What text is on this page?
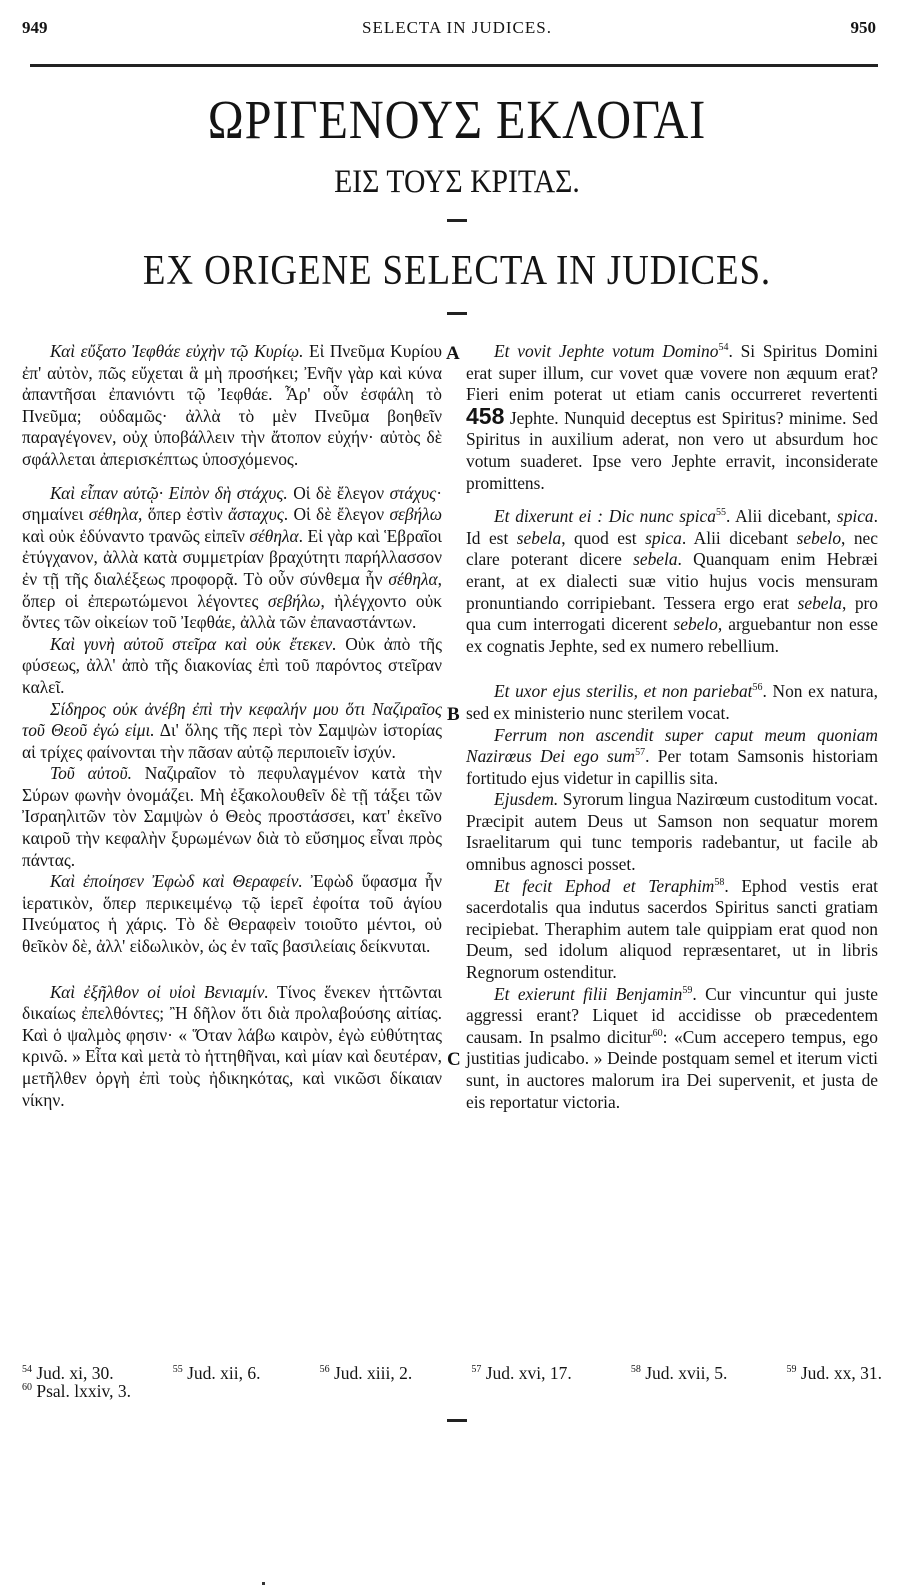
949	SELECTA IN JUDICES.	950
ΩΡΙΓΕΝΟΥΣ ΕΚΛΟΓΑΙ
ΕΙΣ ΤΟΥΣ ΚΡΙΤΑΣ.
EX ORIGENE SELECTA IN JUDICES.
A
B
C

Καὶ εὔξατο Ἰεφθάε εὐχὴν τῷ Κυρίῳ. Εἰ Πνεῦμα Κυρίου ἐπ' αὐτὸν, πῶς εὔχεται ἃ μὴ προσήκει; Ἐνῆν γὰρ καὶ κύνα ἀπαντῆσαι ἐπανιόντι τῷ Ἰεφθάε. Ἆρ' οὖν ἐσφάλη τὸ Πνεῦμα; οὐδαμῶς· ἀλλὰ τὸ μὲν Πνεῦμα βοηθεῖν παραγέγονεν, οὐχ ὑποβάλλειν τὴν ἄτοπον εὐχήν· αὐτὸς δὲ σφάλλεται ἀπερισκέπτως ὑποσχόμενος.

Καὶ εἶπαν αὐτῷ· Εἰπὸν δὴ στάχυς. Οἱ δὲ ἔλεγον στάχυς· σημαίνει σέθηλα, ὅπερ ἐστὶν ἄσταχυς. Οἱ δὲ ἔλεγον σεβήλω καὶ οὐκ ἐδύναντο τρανῶς εἰπεῖν σέθηλα. Εἰ γὰρ καὶ Ἑβραῖοι ἐτύγχανον, ἀλλὰ κατὰ συμμετρίαν βραχύτητι παρήλλασσον ἐν τῇ τῆς διαλέξεως προφορᾷ. Τὸ οὖν σύνθεμα ἦν σέθηλα, ὅπερ οἱ ἐπερωτώμενοι λέγοντες σεβήλω, ἠλέγχοντο οὐκ ὄντες τῶν οἰκείων τοῦ Ἰεφθάε, ἀλλὰ τῶν ἐπαναστάντων.

Καὶ γυνὴ αὐτοῦ στεῖρα καὶ οὐκ ἔτεκεν. Οὐκ ἀπὸ τῆς φύσεως, ἀλλ' ἀπὸ τῆς διακονίας ἐπὶ τοῦ παρόντος στεῖραν καλεῖ.

Σίδηρος οὐκ ἀνέβη ἐπὶ τὴν κεφαλήν μου ὅτι Ναζιραῖος τοῦ Θεοῦ ἐγώ εἰμι. Δι' ὅλης τῆς περὶ τὸν Σαμψὼν ἱστορίας αἱ τρίχες φαίνονται τὴν πᾶσαν αὐτῷ περιποιεῖν ἰσχύν.

Τοῦ αὐτοῦ. Ναζιραῖον τὸ πεφυλαγμένον κατὰ τὴν Σύρων φωνὴν ὀνομάζει. Μὴ ἐξακολουθεῖν δὲ τῇ τάξει τῶν Ἰσραηλιτῶν τὸν Σαμψὼν ὁ Θεὸς προστάσσει, κατ' ἐκεῖνο καιροῦ τὴν κεφαλὴν ξυρωμένων διὰ τὸ εὔσημος εἶναι πρὸς πάντας.

Καὶ ἐποίησεν Ἐφὼδ καὶ Θεραφείν. Ἐφὼδ ὕφασμα ἦν ἱερατικὸν, ὅπερ περικειμένῳ τῷ ἱερεῖ ἐφοίτα τοῦ ἁγίου Πνεύματος ἡ χάρις. Τὸ δὲ Θεραφεὶν τοιοῦτο μέντοι, οὐ θεῖκὸν δὲ, ἀλλ' εἰδωλικὸν, ὡς ἐν ταῖς βασιλείαις δείκνυται.

Καὶ ἐξῆλθον οἱ υἱοὶ Βενιαμίν. Τίνος ἕνεκεν ἡττῶνται δικαίως ἐπελθόντες; Ἢ δῆλον ὅτι διὰ προλαβούσης αἰτίας. Καὶ ὁ ψαλμὸς φησιν· « Ὅταν λάβω καιρὸν, ἐγὼ εὐθύτητας κρινῶ. » Εἶτα καὶ μετὰ τὸ ἡττηθῆναι, καὶ μίαν καὶ δευτέραν, μετῆλθεν ὀργὴ ἐπὶ τοὺς ἠδικηκότας, καὶ νικῶσι δίκαιαν νίκην.

Et vovit Jephte votum Domino$^{54}$. Si Spiritus Domini erat super illum, cur vovet quæ vovere non æquum erat? Fieri enim poterat ut etiam canis occurreret revertenti 458 Jephte. Nunquid deceptus est Spiritus? minime. Sed Spiritus in auxilium aderat, non vero ut absurdum hoc votum suaderet. Ipse vero Jephte erravit, inconsiderate promittens.

Et dixerunt ei : Dic nunc spica$^{55}$. Alii dicebant, spica. Id est sebela, quod est spica. Alii dicebant sebelo, nec clare poterant dicere sebela. Quanquam enim Hebræi erant, at ex dialecti suæ vitio hujus vocis mensuram pronuntiando corripiebant. Tessera ergo erat sebela, pro qua cum interrogati dicerent sebelo, arguebantur non esse ex cognatis Jephte, sed ex numero rebellium.

Et uxor ejus sterilis, et non pariebat$^{56}$. Non ex natura, sed ex ministerio nunc sterilem vocat.

Ferrum non ascendit super caput meum quoniam Nazirœus Dei ego sum$^{57}$. Per totam Samsonis historiam fortitudo ejus videtur in capillis sita.

Ejusdem. Syrorum lingua Nazirœum custoditum vocat. Præcipit autem Deus ut Samson non sequatur morem Israelitarum qui tunc temporis radebantur, ut facile ab omnibus agnosci posset.

Et fecit Ephod et Teraphim$^{58}$. Ephod vestis erat sacerdotalis qua indutus sacerdos Spiritus sancti gratiam recipiebat. Theraphim autem tale quippiam erat quod non Deum, sed idolum aliquod repræsentaret, ut in libris Regnorum ostenditur.

Et exierunt filii Benjamin$^{59}$. Cur vincuntur qui juste aggressi erant? Liquet id accidisse ob præcedentem causam. In psalmo dicitur$^{60}$: «Cum accepero tempus, ego justitias judicabo. » Deinde postquam semel et iterum victi sunt, in auctores malorum ira Dei supervenit, et justa de eis reportatur victoria.

$^{54}$ Jud. xi, 30.	$^{55}$ Jud. xii, 6.	$^{56}$ Jud. xiii, 2.	$^{57}$ Jud. xvi, 17.	$^{58}$ Jud. xvii, 5.	$^{59}$ Jud. xx, 31.
$^{60}$ Psal. lxxiv, 3.
